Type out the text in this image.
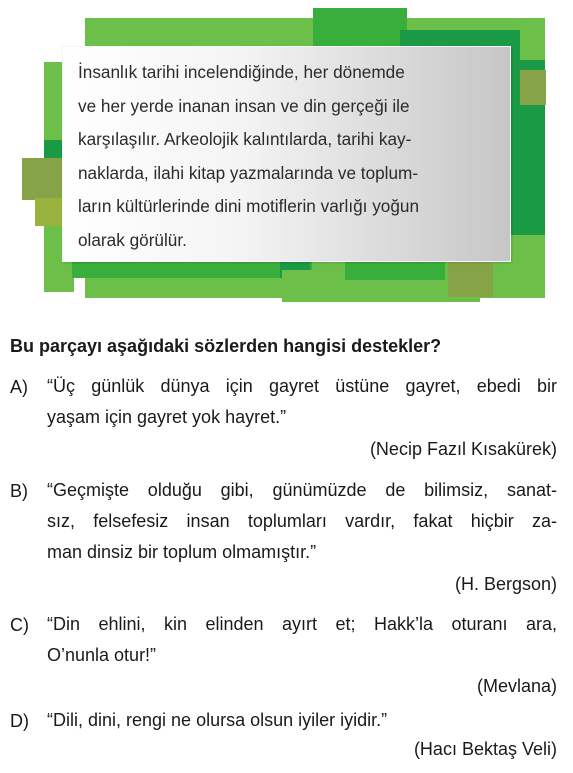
İnsanlık tarihi incelendiğinde, her dönemde
ve her yerde inanan insan ve din gerçeği ile
karşılaşılır. Arkeolojik kalıntılarda, tarihi kay-
naklarda, ilahi kitap yazmalarında ve toplum-
ların kültürlerinde dini motiflerin varlığı yoğun
olarak görülür.
Bu parçayı aşağıdaki sözlerden hangisi destekler?
A) “Üç günlük dünya için gayret üstüne gayret, ebedi bir
yaşam için gayret yok hayret.”
(Necip Fazıl Kısakürek)
B) “Geçmişte olduğu gibi, günümüzde de bilimsiz, sanat-
sız, felsefesiz insan toplumları vardır, fakat hiçbir za-
man dinsiz bir toplum olmamıştır.”
(H. Bergson)
C) “Din ehlini, kin elinden ayırt et; Hakk’la oturanı ara,
O’nunla otur!”
(Mevlana)
D) “Dili, dini, rengi ne olursa olsun iyiler iyidir.”
(Hacı Bektaş Veli)
